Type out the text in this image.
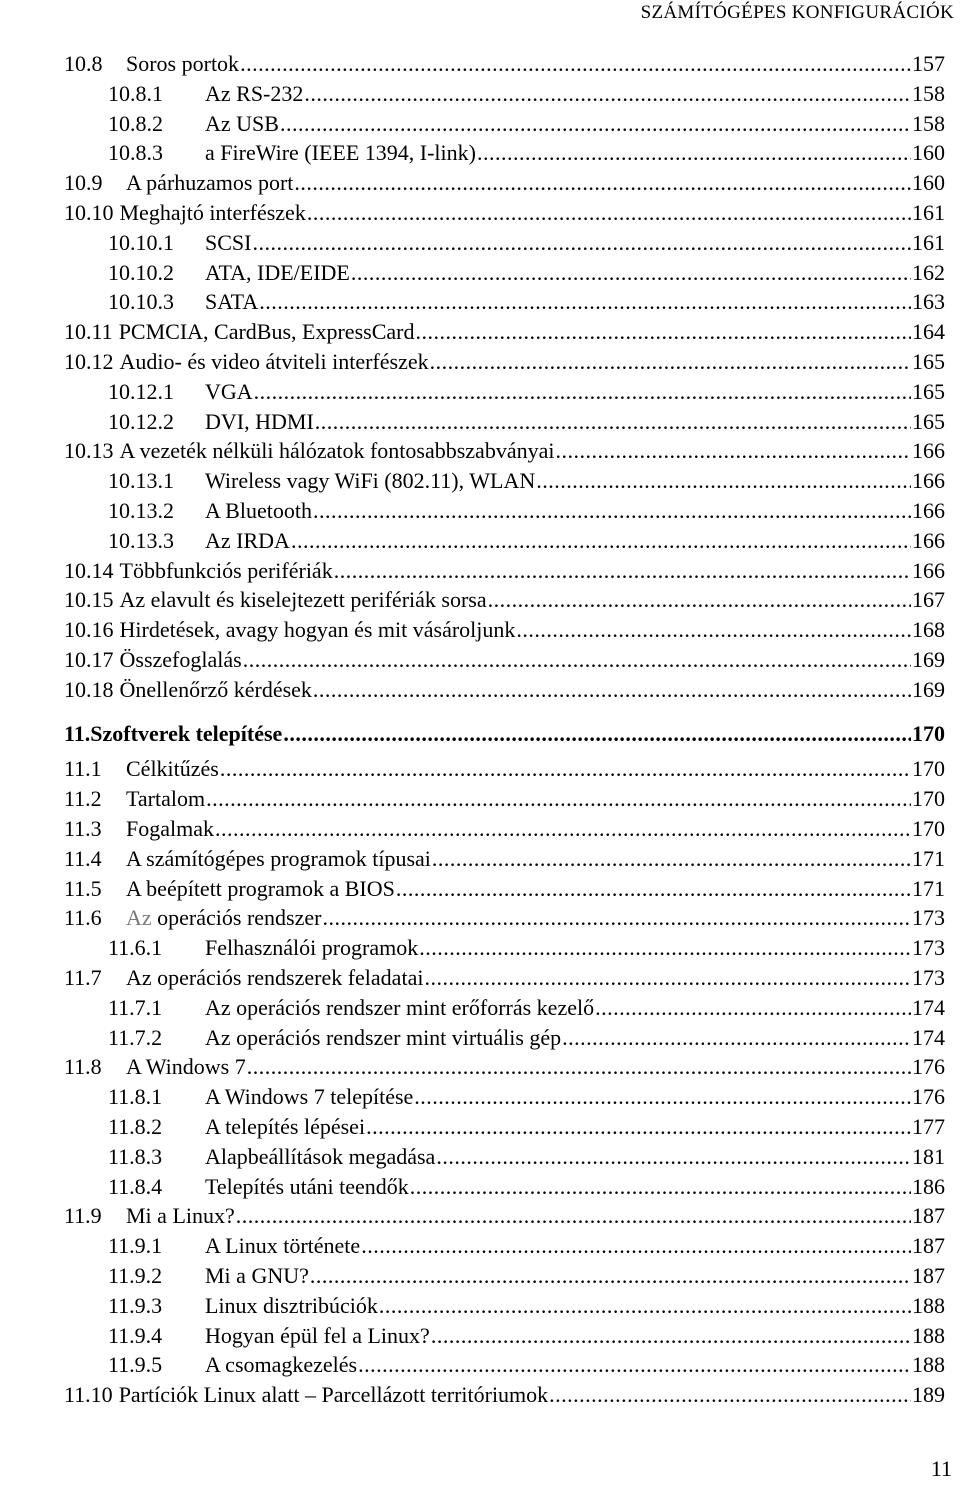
SZÁMÍTÓGÉPES KONFIGURÁCIÓK
10.8	Soros portok .....	157
10.8.1	Az RS-232 .....	158
10.8.2	Az USB .....	158
10.8.3	a FireWire (IEEE 1394, I-link) .....	160
10.9	A párhuzamos port .....	160
10.10 Meghajtó interfészek .....	161
10.10.1	SCSI .....	161
10.10.2	ATA, IDE/EIDE .....	162
10.10.3	SATA .....	163
10.11 PCMCIA, CardBus, ExpressCard .....	164
10.12 Audio- és video átviteli interfészek .....	165
10.12.1	VGA .....	165
10.12.2	DVI, HDMI .....	165
10.13 A vezeték nélküli hálózatok fontosabbszabványai .....	166
10.13.1	Wireless vagy WiFi (802.11), WLAN .....	166
10.13.2	A Bluetooth .....	166
10.13.3	Az IRDA .....	166
10.14 Többfunkciós perifériák .....	166
10.15 Az elavult és kiselejtezett perifériák sorsa .....	167
10.16 Hirdetések, avagy hogyan és mit vásároljunk .....	168
10.17 Összefoglalás .....	169
10.18 Önellenőrző kérdések .....	169
11. Szoftverek telepítése .....	170
11.1	Célkitűzés .....	170
11.2	Tartalom .....	170
11.3	Fogalmak .....	170
11.4	A számítógépes programok típusai .....	171
11.5	A beépített programok a BIOS .....	171
11.6	Az operációs rendszer .....	173
11.6.1	Felhasználói programok .....	173
11.7	Az operációs rendszerek feladatai .....	173
11.7.1	Az operációs rendszer mint erőforrás kezelő .....	174
11.7.2	Az operációs rendszer mint virtuális gép .....	174
11.8	A Windows 7 .....	176
11.8.1	A Windows 7 telepítése .....	176
11.8.2	A telepítés lépései .....	177
11.8.3	Alapbeállítások megadása .....	181
11.8.4	Telepítés utáni teendők .....	186
11.9	Mi a Linux? .....	187
11.9.1	A Linux története .....	187
11.9.2	Mi a GNU? .....	187
11.9.3	Linux disztribúciók .....	188
11.9.4	Hogyan épül fel a Linux? .....	188
11.9.5	A csomagkezelés .....	188
11.10 Partíciók Linux alatt – Parcellázott territóriumok .....	189
11
